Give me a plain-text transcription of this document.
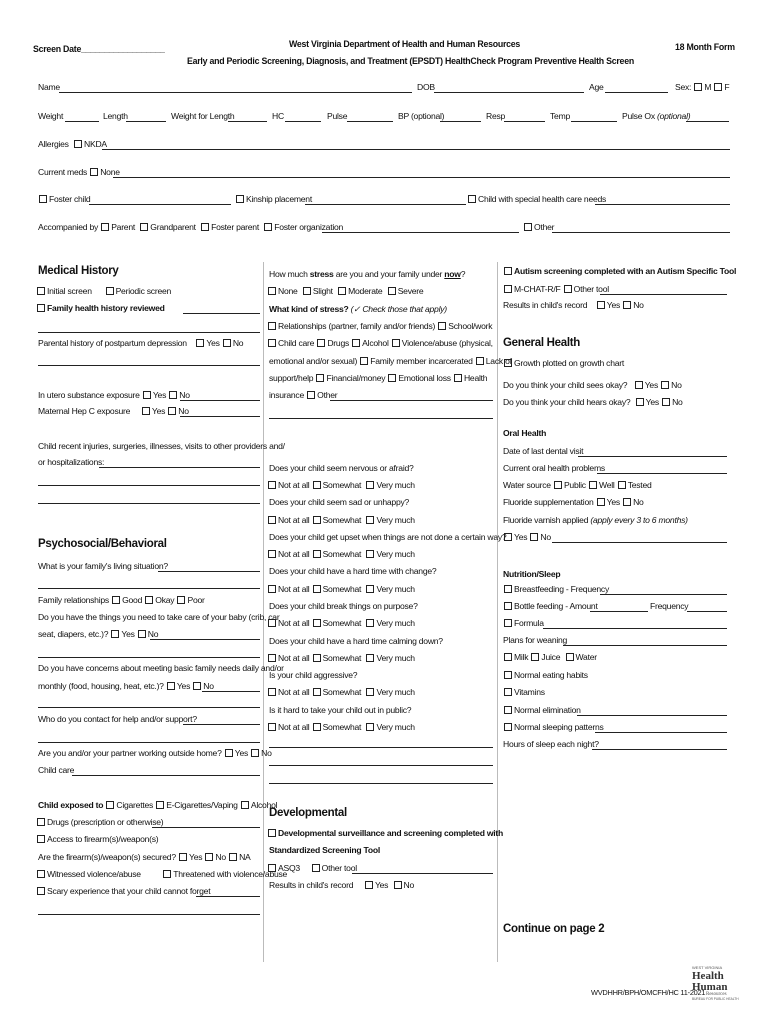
Screen Date__________________	West Virginia Department of Health and Human Resources
Early and Periodic Screening, Diagnosis, and Treatment (EPSDT) HealthCheck Program Preventive Health Screen
18 Month Form
Name	DOB	Age	Sex: M F
Weight	Length	Weight for Length	HC	Pulse	BP (optional)	Resp	Temp	Pulse Ox (optional)
Allergies NKDA
Current meds None
Foster child	Kinship placement	Child with special health care needs
Accompanied by Parent Grandparent Foster parent Foster organization	Other
Medical History
Initial screen	Periodic screen
Family health history reviewed
Parental history of postpartum depression Yes No
In utero substance exposure Yes No
Maternal Hep C exposure	Yes No
Child recent injuries, surgeries, illnesses, visits to other providers and/
or hospitalizations:
Psychosocial/Behavioral
What is your family's living situation?
Family relationships Good Okay Poor
Do you have the things you need to take care of your baby (crib, car
seat, diapers, etc.)? Yes No
Do you have concerns about meeting basic family needs daily and/or
monthly (food, housing, heat, etc.)? Yes No
Who do you contact for help and/or support?
Are you and/or your partner working outside home? Yes No
Child care
Child exposed to Cigarettes E-Cigarettes/Vaping Alcohol
Drugs (prescription or otherwise)
Access to firearm(s)/weapon(s)
Are the firearm(s)/weapon(s) secured? Yes No NA
Witnessed violence/abuse	Threatened with violence/abuse
Scary experience that your child cannot forget
How much stress are you and your family under now?
None Slight Moderate Severe
What kind of stress? (✓ Check those that apply)
Relationships (partner, family and/or friends) School/work
Child care Drugs Alcohol Violence/abuse (physical,
emotional and/or sexual) Family member incarcerated Lack of
support/help Financial/money Emotional loss Health
insurance Other
Does your child seem nervous or afraid?
Not at all Somewhat Very much
Does your child seem sad or unhappy?
Not at all Somewhat Very much
Does your child get upset when things are not done a certain way?
Not at all Somewhat Very much
Does your child have a hard time with change?
Not at all Somewhat Very much
Does your child break things on purpose?
Not at all Somewhat Very much
Does your child have a hard time calming down?
Not at all Somewhat Very much
Is your child aggressive?
Not at all Somewhat Very much
Is it hard to take your child out in public?
Not at all Somewhat Very much
Developmental
Developmental surveillance and screening completed with
Standardized Screening Tool
ASQ3	Other tool
Results in child's record	Yes No
Autism screening completed with an Autism Specific Tool
M-CHAT-R/F Other tool
Results in child's record Yes No
General Health
Growth plotted on growth chart
Do you think your child sees okay? Yes No
Do you think your child hears okay? Yes No
Oral Health
Date of last dental visit
Current oral health problems
Water source Public Well Tested
Fluoride supplementation Yes No
Fluoride varnish applied (apply every 3 to 6 months)
Yes No
Nutrition/Sleep
Breastfeeding - Frequency
Bottle feeding - Amount	Frequency
Formula
Plans for weaning
Milk Juice Water
Normal eating habits
Vitamins
Normal elimination
Normal sleeping patterns
Hours of sleep each night?
Continue on page 2
WVDHHR/BPH/OMCFH/HC 11-2021
WEST VIRGINIA
Health
Human
Resources
BUREAU FOR PUBLIC HEALTH
